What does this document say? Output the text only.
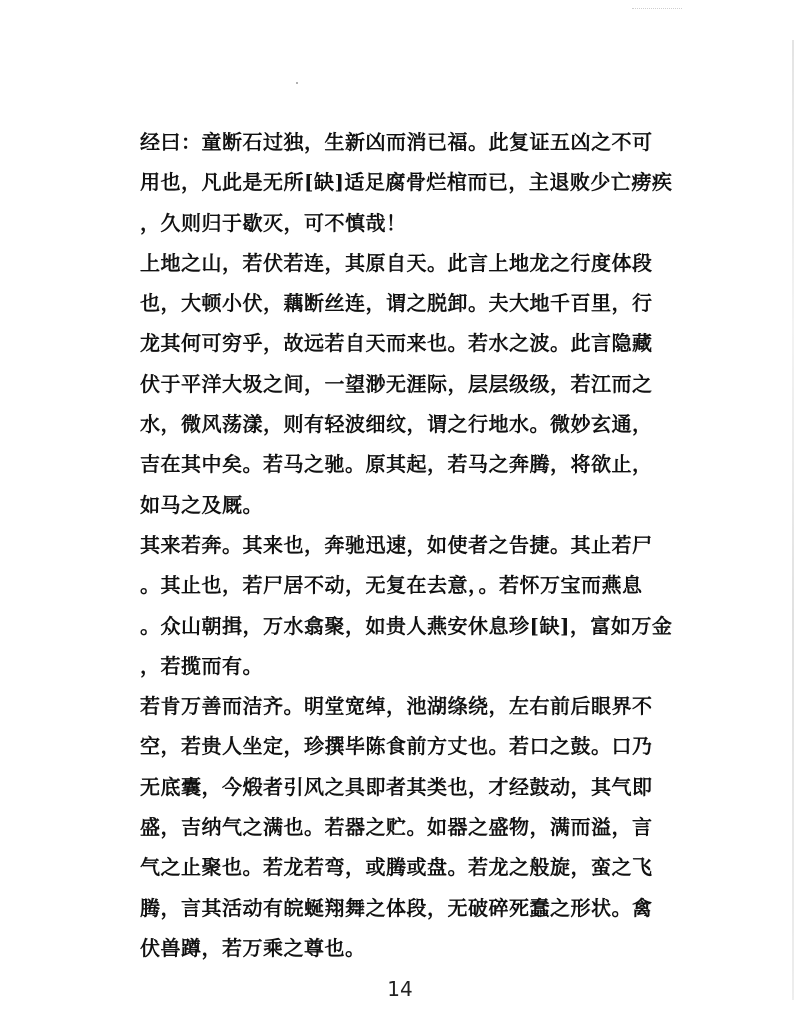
经曰：童断石过独，生新凶而消已福。此复证五凶之不可
用也，凡此是无所[缺]适足腐骨烂棺而已，主退败少亡痨疾
，久则归于歇灭，可不慎哉！
上地之山，若伏若连，其原自天。此言上地龙之行度体段
也，大顿小伏，藕断丝连，谓之脱卸。夫大地千百里，行
龙其何可穷乎，故远若自天而来也。若水之波。此言隐藏
伏于平洋大圾之间，一望渺无涯际，层层级级，若江而之
水，微风荡漾，则有轻波细纹，谓之行地水。微妙玄通，
吉在其中矣。若马之驰。原其起，若马之奔腾，将欲止，
如马之及厩。
其来若奔。其来也，奔驰迅速，如使者之告捷。其止若尸
。其止也，若尸居不动，无复在去意，。若怀万宝而燕息
。众山朝揖，万水翕聚，如贵人燕安休息珍[缺]，富如万金
，若揽而有。
若肯万善而洁齐。明堂宽绰，池湖绦绕，左右前后眼界不
空，若贵人坐定，珍撰毕陈食前方丈也。若口之鼓。口乃
无底囊，今煅者引风之具即者其类也，才经鼓动，其气即
盛，吉纳气之满也。若器之贮。如器之盛物，满而溢，言
气之止聚也。若龙若弯，或腾或盘。若龙之般旋，蛮之飞
腾，言其活动有皖蜒翔舞之体段，无破碎死蠢之形状。禽
伏兽蹲，若万乘之尊也。
14
